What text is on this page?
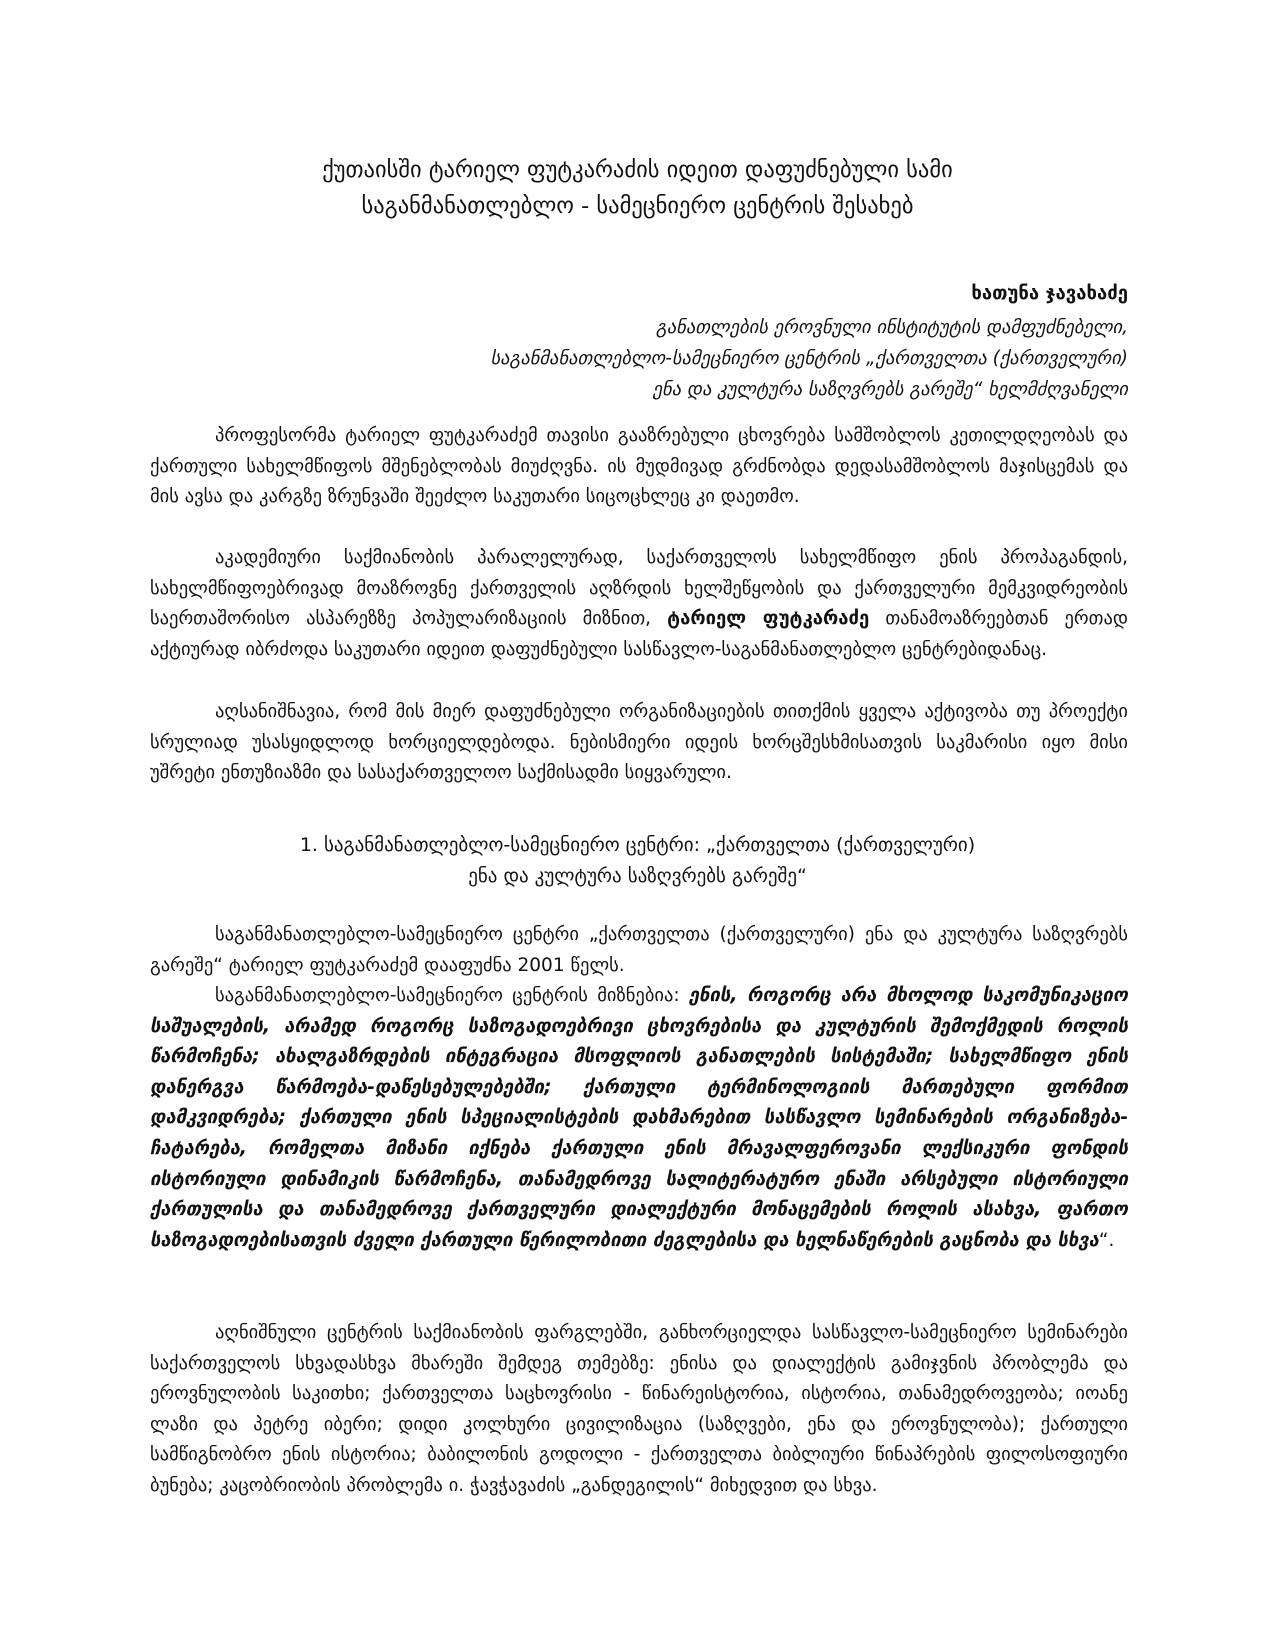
ქუთაისში ტარიელ ფუტკარაძის იდეით დაფუძნებული სამი
საგანმანათლებლო - სამეცნიერო ცენტრის შესახებ
ხათუნა ჯავახაძე
განათლების ეროვნული ინსტიტუტის დამფუძნებელი,
საგანმანათლებლო-სამეცნიერო ცენტრის „ქართველთა (ქართველური)
ენა და კულტურა საზღვრებს გარეშე“ ხელმძღვანელი

პროფესორმა ტარიელ ფუტკარაძემ თავისი გააზრებული ცხოვრება სამშობლოს კეთილდღეობას და ქართული სახელმწიფოს მშენებლობას მიუძღვნა. ის მუდმივად გრძნობდა დედასამშობლოს მაჯისცემას და მის ავსა და კარგზე ზრუნვაში შეეძლო საკუთარი სიცოცხლეც კი დაეთმო.

აკადემიური საქმიანობის პარალელურად, საქართველოს სახელმწიფო ენის პროპაგანდის, სახელმწიფოებრივად მოაზროვნე ქართველის აღზრდის ხელშეწყობის და ქართველური მემკვიდრეობის საერთაშორისო ასპარეზზე პოპულარიზაციის მიზნით, ტარიელ ფუტკარაძე თანამოაზრეებთან ერთად აქტიურად იბრძოდა საკუთარი იდეით დაფუძნებული სასწავლო-საგანმანათლებლო ცენტრებიდანაც.

აღსანიშნავია, რომ მის მიერ დაფუძნებული ორგანიზაციების თითქმის ყველა აქტივობა თუ პროექტი სრულიად უსასყიდლოდ ხორციელდებოდა. ნებისმიერი იდეის ხორცშესხმისათვის საკმარისი იყო მისი უშრეტი ენთუზიაზმი და სასაქართველოო საქმისადმი სიყვარული.

1. საგანმანათლებლო-სამეცნიერო ცენტრი: „ქართველთა (ქართველური)
ენა და კულტურა საზღვრებს გარეშე“

საგანმანათლებლო-სამეცნიერო ცენტრი „ქართველთა (ქართველური) ენა და კულტურა საზღვრებს გარეშე“ ტარიელ ფუტკარაძემ დააფუძნა 2001 წელს.

საგანმანათლებლო-სამეცნიერო ცენტრის მიზნებია: ენის, როგორც არა მხოლოდ საკომუნიკაციო საშუალების, არამედ როგორც საზოგადოებრივი ცხოვრებისა და კულტურის შემოქმედის როლის წარმოჩენა; ახალგაზრდების ინტეგრაცია მსოფლიოს განათლების სისტემაში; სახელმწიფო ენის დანერგვა წარმოება-დაწესებულებებში; ქართული ტერმინოლოგიის მართებული ფორმით დამკვიდრება; ქართული ენის სპეციალისტების დახმარებით სასწავლო სემინარების ორგანიზება-ჩატარება, რომელთა მიზანი იქნება ქართული ენის მრავალფეროვანი ლექსიკური ფონდის ისტორიული დინამიკის წარმოჩენა, თანამედროვე სალიტერატურო ენაში არსებული ისტორიული ქართულისა და თანამედროვე ქართველური დიალექტური მონაცემების როლის ასახვა, ფართო საზოგადოებისათვის ძველი ქართული წერილობითი ძეგლებისა და ხელნაწერების გაცნობა და სხვა“.

აღნიშნული ცენტრის საქმიანობის ფარგლებში, განხორციელდა სასწავლო-სამეცნიერო სემინარები საქართველოს სხვადასხვა მხარეში შემდეგ თემებზე: ენისა და დიალექტის გამიჯვნის პრობლემა და ეროვნულობის საკითხი; ქართველთა საცხოვრისი - წინარეისტორია, ისტორია, თანამედროვეობა; იოანე ლაზი და პეტრე იბერი; დიდი კოლხური ცივილიზაცია (საზღვები, ენა და ეროვნულობა); ქართული სამწიგნობრო ენის ისტორია; ბაბილონის გოდოლი - ქართველთა ბიბლიური წინაპრების ფილოსოფიური ბუნება; კაცობრიობის პრობლემა ი. ჭავჭავაძის „განდეგილის“ მიხედვით და სხვა.
